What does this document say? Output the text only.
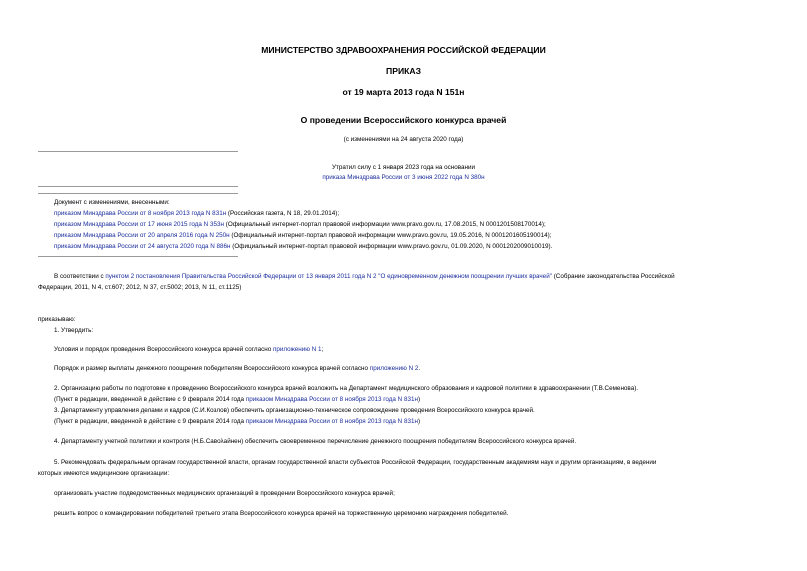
МИНИСТЕРСТВО ЗДРАВООХРАНЕНИЯ РОССИЙСКОЙ ФЕДЕРАЦИИ
ПРИКАЗ
от 19 марта 2013 года N 151н
О проведении Всероссийского конкурса врачей
(с изменениями на 24 августа 2020 года)
Утратил силу с 1 января 2023 года на основании
приказа Минздрава России от 3 июня 2022 года N 380н
Документ с изменениями, внесенными:
приказом Минздрава России от 8 ноября 2013 года N 831н (Российская газета, N 18, 29.01.2014);
приказом Минздрава России от 17 июня 2015 года N 353н (Официальный интернет-портал правовой информации www.pravo.gov.ru, 17.08.2015, N 0001201508170014);
приказом Минздрава России от 20 апреля 2016 года N 250н (Официальный интернет-портал правовой информации www.pravo.gov.ru, 19.05.2016, N 0001201605190014);
приказом Минздрава России от 24 августа 2020 года N 886н (Официальный интернет-портал правовой информации www.pravo.gov.ru, 01.09.2020, N 0001202009010019).
В соответствии с пунктом 2 постановления Правительства Российской Федерации от 13 января 2011 года N 2 "О единовременном денежном поощрении лучших врачей" (Собрание законодательства Российской
Федерации, 2011, N 4, ст.607; 2012, N 37, ст.5002; 2013, N 11, ст.1125)
приказываю:
1. Утвердить:
Условия и порядок проведения Всероссийского конкурса врачей согласно приложению N 1;
Порядок и размер выплаты денежного поощрения победителям Всероссийского конкурса врачей согласно приложению N 2.
2. Организацию работы по подготовке к проведению Всероссийского конкурса врачей возложить на Департамент медицинского образования и кадровой политики в здравоохранении (Т.В.Семенова).
(Пункт в редакции, введенной в действие с 9 февраля 2014 года приказом Минздрава России от 8 ноября 2013 года N 831н)
3. Департаменту управления делами и кадров (С.И.Козлов) обеспечить организационно-техническое сопровождение проведения Всероссийского конкурса врачей.
(Пункт в редакции, введенной в действие с 9 февраля 2014 года приказом Минздрава России от 8 ноября 2013 года N 831н)
4. Департаменту учетной политики и контроля (Н.Б.Савολайнен) обеспечить своевременное перечисление денежного поощрения победителям Всероссийского конкурса врачей.
5. Рекомендовать федеральным органам государственной власти, органам государственной власти субъектов Российской Федерации, государственным академиям наук и другим организациям, в ведении
которых имеются медицинские организации:
организовать участие подведомственных медицинских организаций в проведении Всероссийского конкурса врачей;
решить вопрос о командировании победителей третьего этапа Всероссийского конкурса врачей на торжественную церемонию награждения победителей.
